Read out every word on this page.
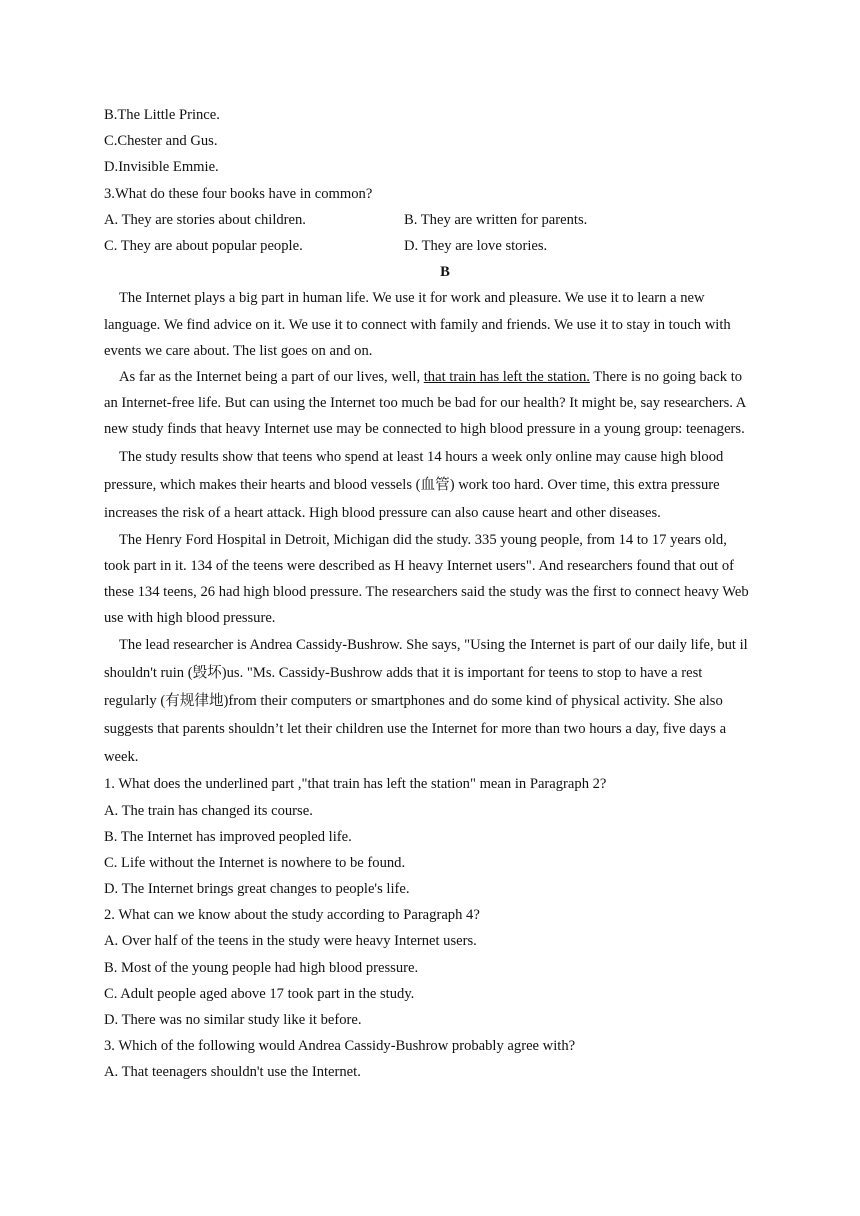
B.The Little Prince.
C.Chester and Gus.
D.Invisible Emmie.
3.What do these four books have in common?
A. They are stories about children.	B. They are written for parents.
C. They are about popular people.	D. They are love stories.
B

The Internet plays a big part in human life. We use it for work and pleasure. We use it to learn a new language. We find advice on it. We use it to connect with family and friends. We use it to stay in touch with events we care about. The list goes on and on.

As far as the Internet being a part of our lives, well, that train has left the station. There is no going back to an Internet-free life. But can using the Internet too much be bad for our health? It might be, say researchers. A new study finds that heavy Internet use may be connected to high blood pressure in a young group: teenagers.

The study results show that teens who spend at least 14 hours a week only online may cause high blood pressure, which makes their hearts and blood vessels (血管) work too hard. Over time, this extra pressure increases the risk of a heart attack. High blood pressure can also cause heart and other diseases.

The Henry Ford Hospital in Detroit, Michigan did the study. 335 young people, from 14 to 17 years old, took part in it. 134 of the teens were described as H heavy Internet users". And researchers found that out of these 134 teens, 26 had high blood pressure. The researchers said the study was the first to connect heavy Web use with high blood pressure.

The lead researcher is Andrea Cassidy-Bushrow. She says, "Using the Internet is part of our daily life, but il shouldn't ruin (毁坏)us. "Ms. Cassidy-Bushrow adds that it is important for teens to stop to have a rest regularly (有规律地)from their computers or smartphones and do some kind of physical activity. She also suggests that parents shouldn’t let their children use the Internet for more than two hours a day, five days a week.

1. What does the underlined part ,"that train has left the station" mean in Paragraph 2?
A. The train has changed its course.
B. The Internet has improved peopled life.
C. Life without the Internet is nowhere to be found.
D. The Internet brings great changes to people's life.
2. What can we know about the study according to Paragraph 4?
A. Over half of the teens in the study were heavy Internet users.
B. Most of the young people had high blood pressure.
C. Adult people aged above 17 took part in the study.
D. There was no similar study like it before.
3. Which of the following would Andrea Cassidy-Bushrow probably agree with?
A. That teenagers shouldn't use the Internet.
